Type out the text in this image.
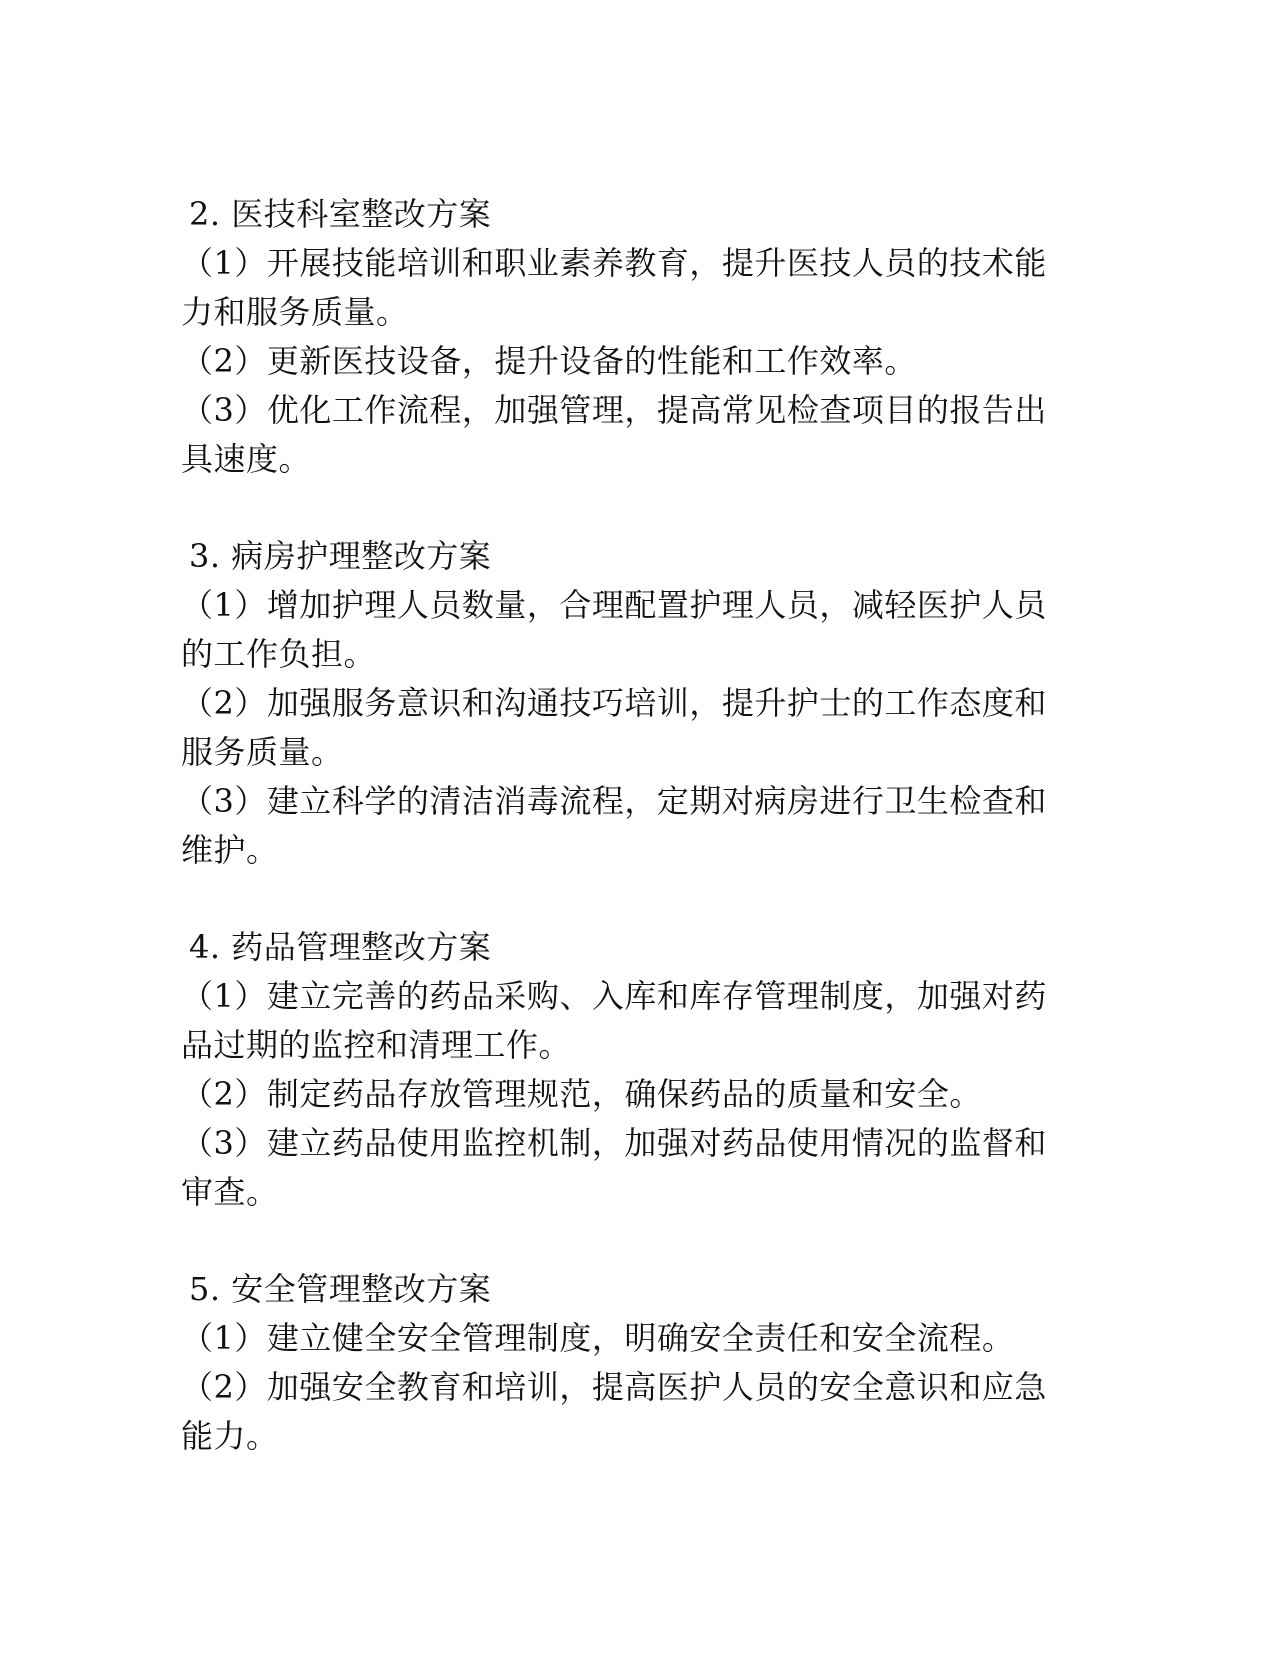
2. 医技科室整改方案

（1）开展技能培训和职业素养教育，提升医技人员的技术能力和服务质量。

（2）更新医技设备，提升设备的性能和工作效率。

（3）优化工作流程，加强管理，提高常见检查项目的报告出具速度。

3. 病房护理整改方案

（1）增加护理人员数量，合理配置护理人员，减轻医护人员的工作负担。

（2）加强服务意识和沟通技巧培训，提升护士的工作态度和服务质量。

（3）建立科学的清洁消毒流程，定期对病房进行卫生检查和维护。

4. 药品管理整改方案

（1）建立完善的药品采购、入库和库存管理制度，加强对药品过期的监控和清理工作。

（2）制定药品存放管理规范，确保药品的质量和安全。

（3）建立药品使用监控机制，加强对药品使用情况的监督和审查。

5. 安全管理整改方案

（1）建立健全安全管理制度，明确安全责任和安全流程。

（2）加强安全教育和培训，提高医护人员的安全意识和应急能力。
